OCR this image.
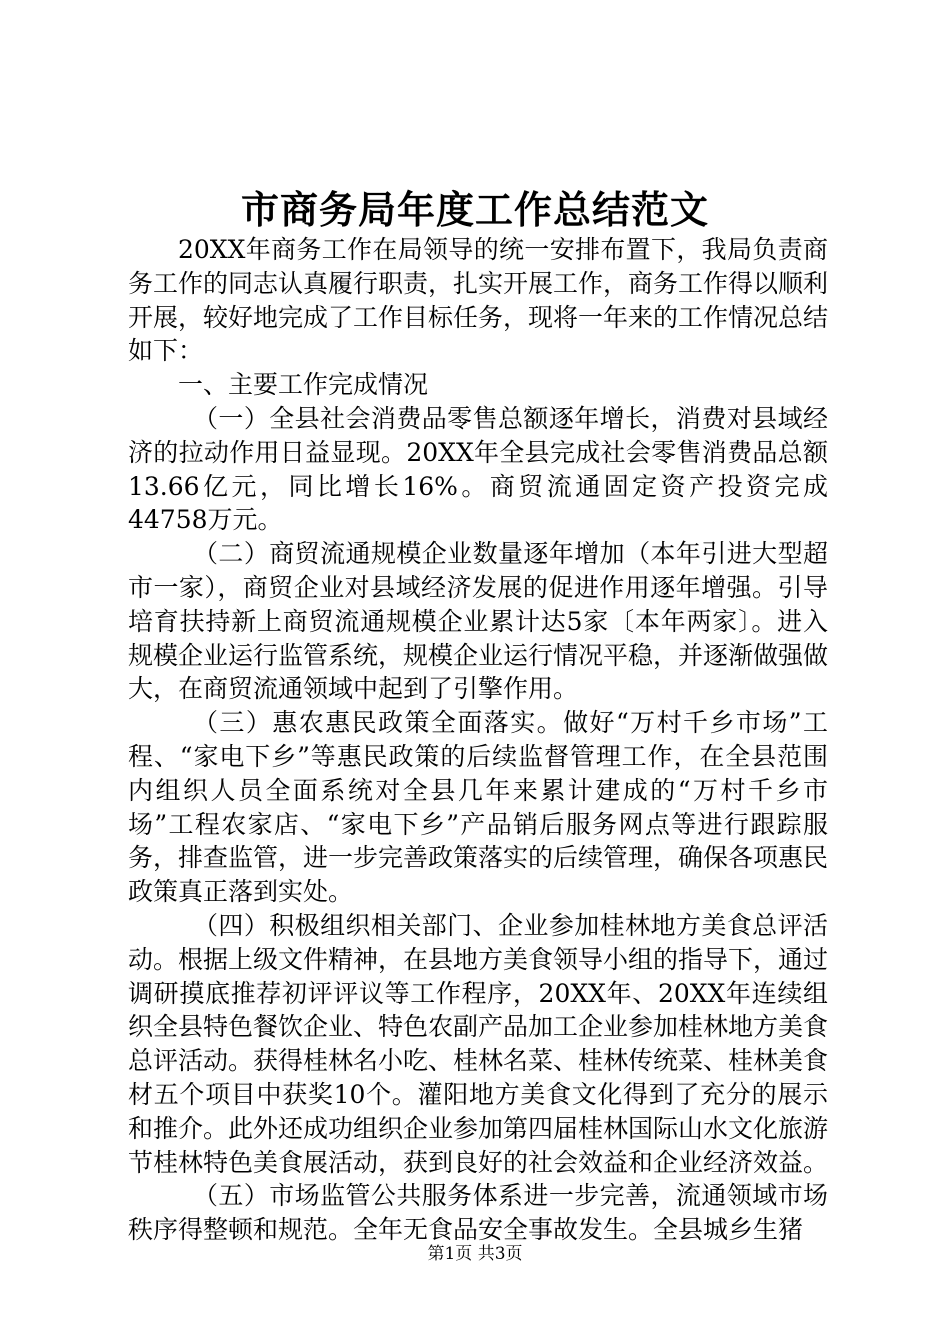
市商务局年度工作总结范文

20XX年商务工作在局领导的统一安排布置下，我局负责商务工作的同志认真履行职责，扎实开展工作，商务工作得以顺利开展，较好地完成了工作目标任务，现将一年来的工作情况总结如下：

一、主要工作完成情况

（一）全县社会消费品零售总额逐年增长，消费对县域经济的拉动作用日益显现。20XX年全县完成社会零售消费品总额13.66亿元，同比增长16%。商贸流通固定资产投资完成44758万元。

（二）商贸流通规模企业数量逐年增加（本年引进大型超市一家），商贸企业对县域经济发展的促进作用逐年增强。引导培育扶持新上商贸流通规模企业累计达5家〔本年两家〕。进入规模企业运行监管系统，规模企业运行情况平稳，并逐渐做强做大，在商贸流通领域中起到了引擎作用。

（三）惠农惠民政策全面落实。做好“万村千乡市场”工程、“家电下乡”等惠民政策的后续监督管理工作，在全县范围内组织人员全面系统对全县几年来累计建成的“万村千乡市场”工程农家店、“家电下乡”产品销后服务网点等进行跟踪服务，排查监管，进一步完善政策落实的后续管理，确保各项惠民政策真正落到实处。

（四）积极组织相关部门、企业参加桂林地方美食总评活动。根据上级文件精神，在县地方美食领导小组的指导下，通过调研摸底推荐初评评议等工作程序，20XX年、20XX年连续组织全县特色餐饮企业、特色农副产品加工企业参加桂林地方美食总评活动。获得桂林名小吃、桂林名菜、桂林传统菜、桂林美食材五个项目中获奖10个。灌阳地方美食文化得到了充分的展示和推介。此外还成功组织企业参加第四届桂林国际山水文化旅游节桂林特色美食展活动，获到良好的社会效益和企业经济效益。

（五）市场监管公共服务体系进一步完善，流通领域市场秩序得整顿和规范。全年无食品安全事故发生。全县城乡生猪

第1页 共3页
